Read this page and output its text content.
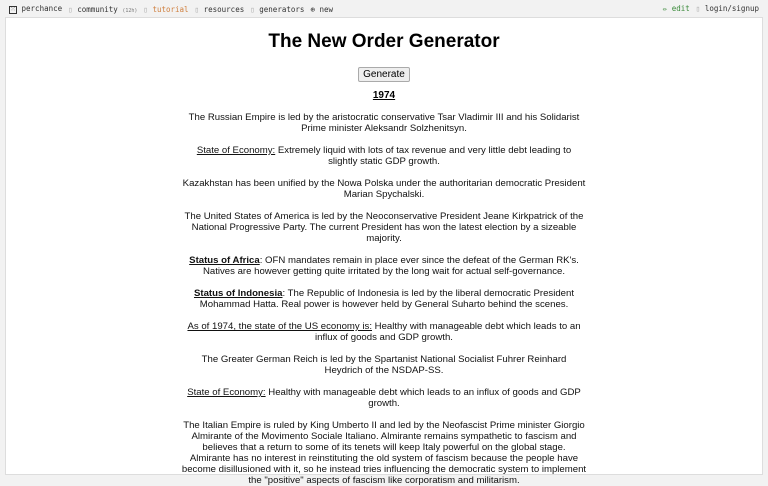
⁙ perchance ▯ community (12h) ▯ tutorial ▯ resources ▯ generators ⊕ new	✏ edit ▯ login/signup
The New Order Generator
Generate
1974
The Russian Empire is led by the aristocratic conservative Tsar Vladimir III and his Solidarist Prime minister Aleksandr Solzhenitsyn.
State of Economy: Extremely liquid with lots of tax revenue and very little debt leading to slightly static GDP growth.
Kazakhstan has been unified by the Nowa Polska under the authoritarian democratic President Marian Spychalski.
The United States of America is led by the Neoconservative President Jeane Kirkpatrick of the National Progressive Party. The current President has won the latest election by a sizeable majority.
Status of Africa: OFN mandates remain in place ever since the defeat of the German RK's. Natives are however getting quite irritated by the long wait for actual self-governance.
Status of Indonesia: The Republic of Indonesia is led by the liberal democratic President Mohammad Hatta. Real power is however held by General Suharto behind the scenes.
As of 1974, the state of the US economy is: Healthy with manageable debt which leads to an influx of goods and GDP growth.
The Greater German Reich is led by the Spartanist National Socialist Fuhrer Reinhard Heydrich of the NSDAP-SS.
State of Economy: Healthy with manageable debt which leads to an influx of goods and GDP growth.
The Italian Empire is ruled by King Umberto II and led by the Neofascist Prime minister Giorgio Almirante of the Movimento Sociale Italiano. Almirante remains sympathetic to fascism and believes that a return to some of its tenets will keep Italy powerful on the global stage. Almirante has no interest in reinstituting the old system of fascism because the people have become disillusioned with it, so he instead tries influencing the democratic system to implement the "positive" aspects of fascism like corporatism and militarism.
